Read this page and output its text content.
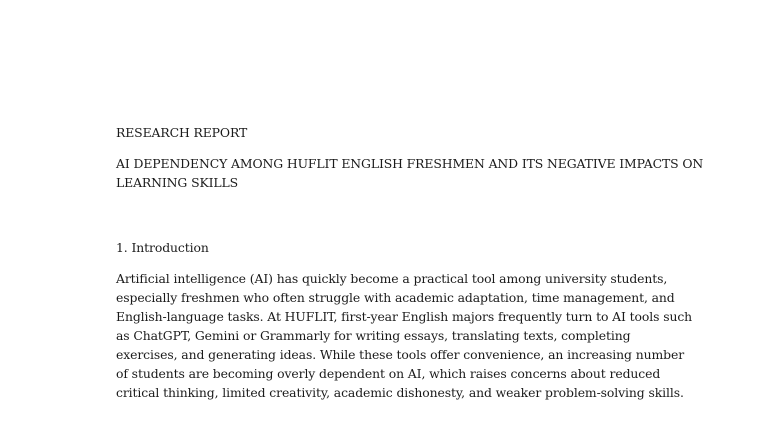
RESEARCH REPORT
AI DEPENDENCY AMONG HUFLIT ENGLISH FRESHMEN AND ITS NEGATIVE IMPACTS ON
LEARNING SKILLS
1. Introduction
Artificial intelligence (AI) has quickly become a practical tool among university students,
especially freshmen who often struggle with academic adaptation, time management, and
English-language tasks. At HUFLIT, first-year English majors frequently turn to AI tools such
as ChatGPT, Gemini or Grammarly for writing essays, translating texts, completing
exercises, and generating ideas. While these tools offer convenience, an increasing number
of students are becoming overly dependent on AI, which raises concerns about reduced
critical thinking, limited creativity, academic dishonesty, and weaker problem-solving skills.
